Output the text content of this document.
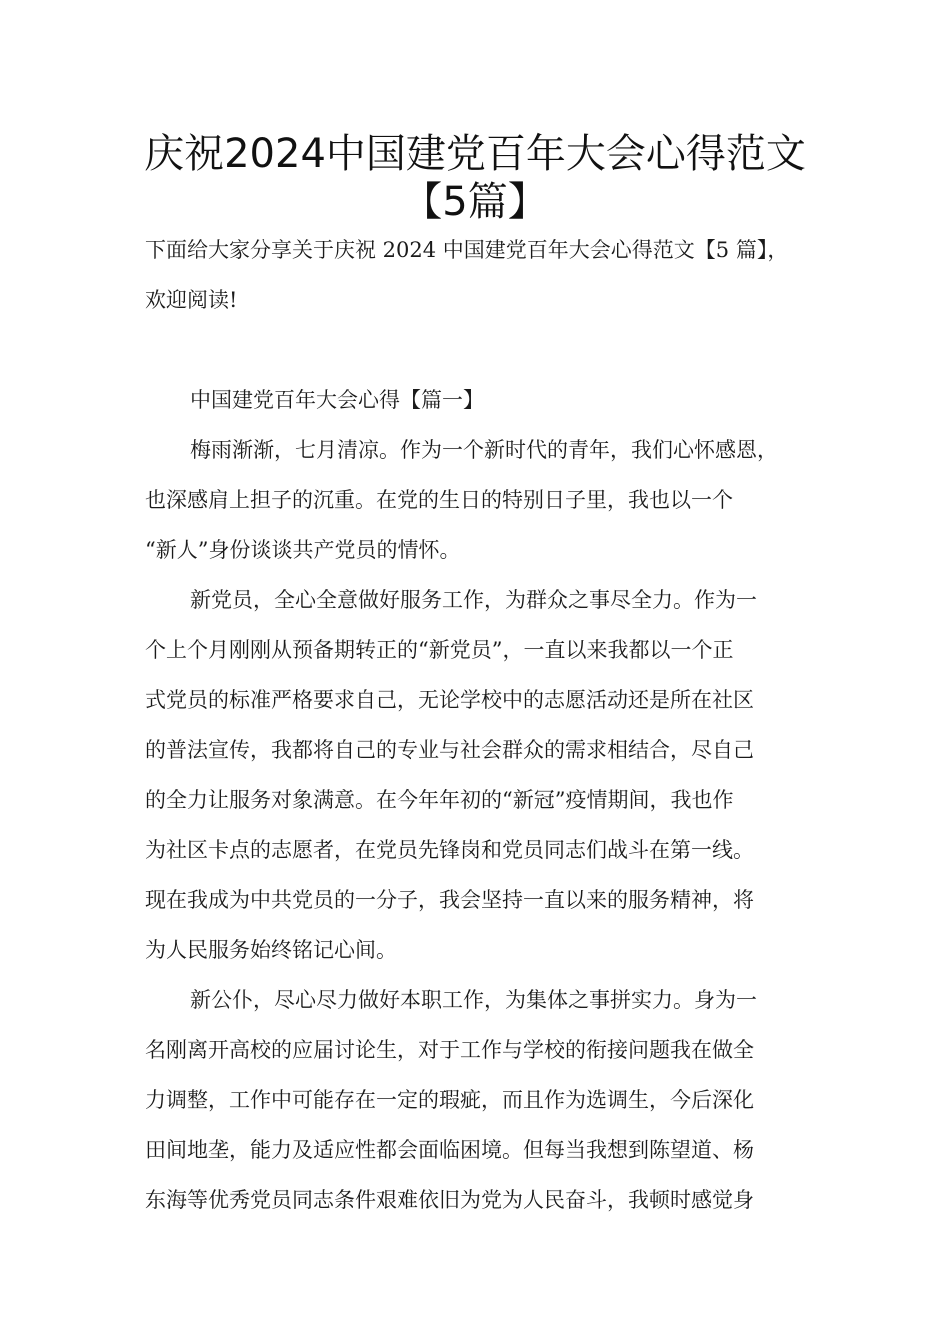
庆祝2024中国建党百年大会心得范文
【5篇】

下面给大家分享关于庆祝 2024 中国建党百年大会心得范文【5 篇】，

欢迎阅读!

中国建党百年大会心得【篇一】

梅雨渐渐，七月清凉。作为一个新时代的青年，我们心怀感恩，

也深感肩上担子的沉重。在党的生日的特别日子里，我也以一个

“新人”身份谈谈共产党员的情怀。

新党员，全心全意做好服务工作，为群众之事尽全力。作为一

个上个月刚刚从预备期转正的“新党员”，一直以来我都以一个正

式党员的标准严格要求自己，无论学校中的志愿活动还是所在社区

的普法宣传，我都将自己的专业与社会群众的需求相结合，尽自己

的全力让服务对象满意。在今年年初的“新冠”疫情期间，我也作

为社区卡点的志愿者，在党员先锋岗和党员同志们战斗在第一线。

现在我成为中共党员的一分子，我会坚持一直以来的服务精神，将

为人民服务始终铭记心间。

新公仆，尽心尽力做好本职工作，为集体之事拼实力。身为一

名刚离开高校的应届讨论生，对于工作与学校的衔接问题我在做全

力调整，工作中可能存在一定的瑕疵，而且作为选调生，今后深化

田间地垄，能力及适应性都会面临困境。但每当我想到陈望道、杨

东海等优秀党员同志条件艰难依旧为党为人民奋斗，我顿时感觉身
